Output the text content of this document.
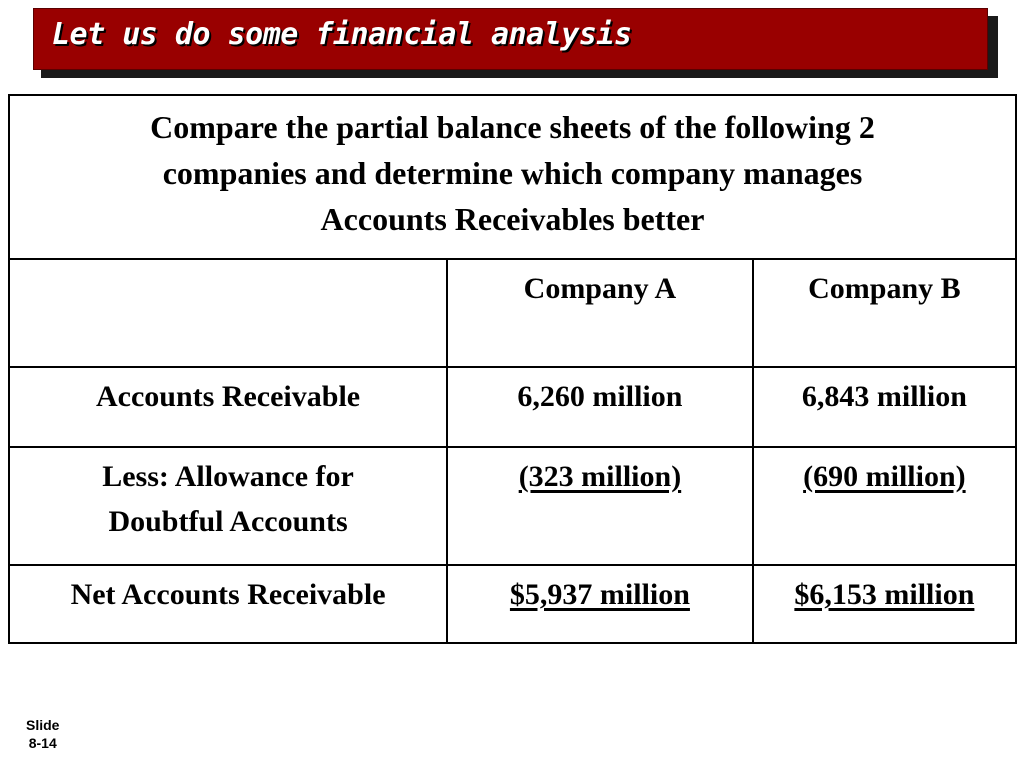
Let us do some financial analysis
Compare the partial balance sheets of the following 2
companies and determine which company manages
Accounts Receivables better		

	Company A	Company B

Accounts Receivable	6,260 million	6,843 million

Less: Allowance for
Doubtful Accounts	(323 million)	(690 million)

Net Accounts Receivable	$5,937 million	$6,153 million
Slide
8-14
